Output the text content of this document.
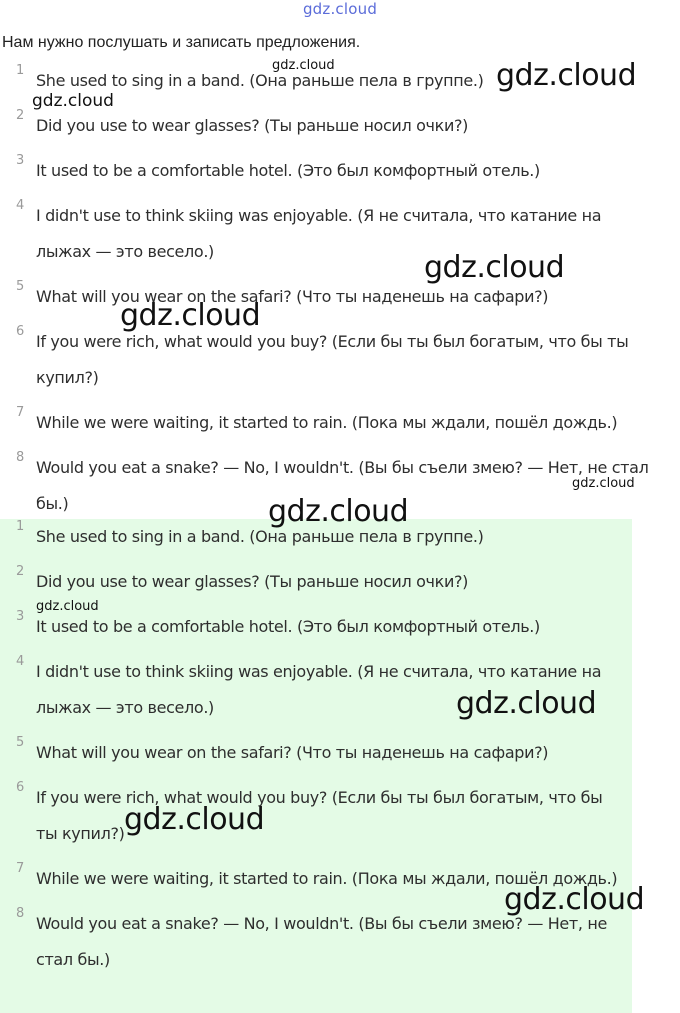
gdz.cloud
Нам нужно послушать и записать предложения.
1
She used to sing in a band. (Она раньше пела в группе.)
2
Did you use to wear glasses? (Ты раньше носил очки?)
3
It used to be a comfortable hotel. (Это был комфортный отель.)
4
I didn't use to think skiing was enjoyable. (Я не считала, что катание на лыжах — это весело.)
5
What will you wear on the safari? (Что ты наденешь на сафари?)
6
If you were rich, what would you buy? (Если бы ты был богатым, что бы ты купил?)
7
While we were waiting, it started to rain. (Пока мы ждали, пошёл дождь.)
8
Would you eat a snake? — No, I wouldn't. (Вы бы съели змею? — Нет, не стал бы.)
1
She used to sing in a band. (Она раньше пела в группе.)
2
Did you use to wear glasses? (Ты раньше носил очки?)
3
It used to be a comfortable hotel. (Это был комфортный отель.)
4
I didn't use to think skiing was enjoyable. (Я не считала, что катание на лыжах — это весело.)
5
What will you wear on the safari? (Что ты наденешь на сафари?)
6
If you were rich, what would you buy? (Если бы ты был богатым, что бы ты купил?)
7
While we were waiting, it started to rain. (Пока мы ждали, пошёл дождь.)
8
Would you eat a snake? — No, I wouldn't. (Вы бы съели змею? — Нет, не стал бы.)
gdz.cloud	gdz.cloud
gdz.cloud
gdz.cloud
gdz.cloud
gdz.cloud
gdz.cloud
gdz.cloud
gdz.cloud
gdz.cloud
gdz.cloud
